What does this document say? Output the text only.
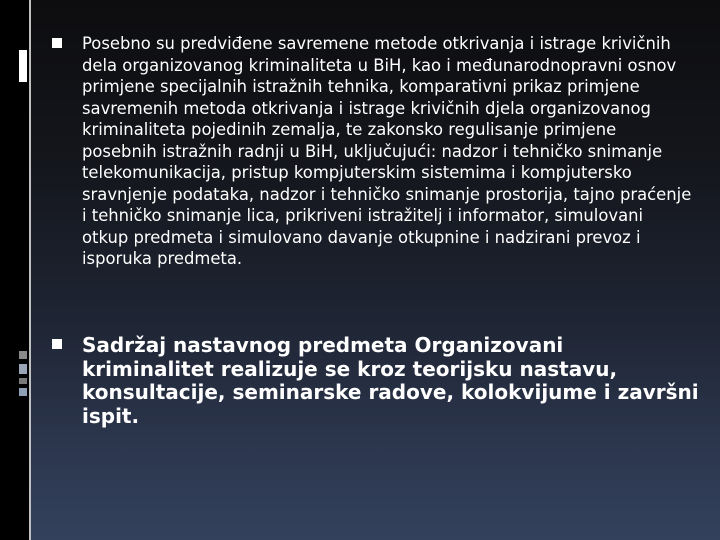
Posebno su predviđene savremene metode otkrivanja i istrage krivičnih dela organizovanog kriminaliteta u BiH, kao i međunarodnopravni osnov primjene specijalnih istražnih tehnika, komparativni prikaz primjene savremenih metoda otkrivanja i istrage krivičnih djela organizovanog kriminaliteta pojedinih zemalja, te zakonsko regulisanje primjene posebnih istražnih radnji u BiH, uključujući: nadzor i tehničko snimanje telekomunikacija, pristup kompjuterskim sistemima i kompjutersko sravnjenje podataka, nadzor i tehničko snimanje prostorija, tajno praćenje i tehničko snimanje lica, prikriveni istražitelj i informator, simulovani otkup predmeta i simulovano davanje otkupnine i nadzirani prevoz i isporuka predmeta.

Sadržaj nastavnog predmeta Organizovani kriminalitet realizuje se kroz teorijsku nastavu, konsultacije, seminarske radove, kolokvijume i završni ispit.
